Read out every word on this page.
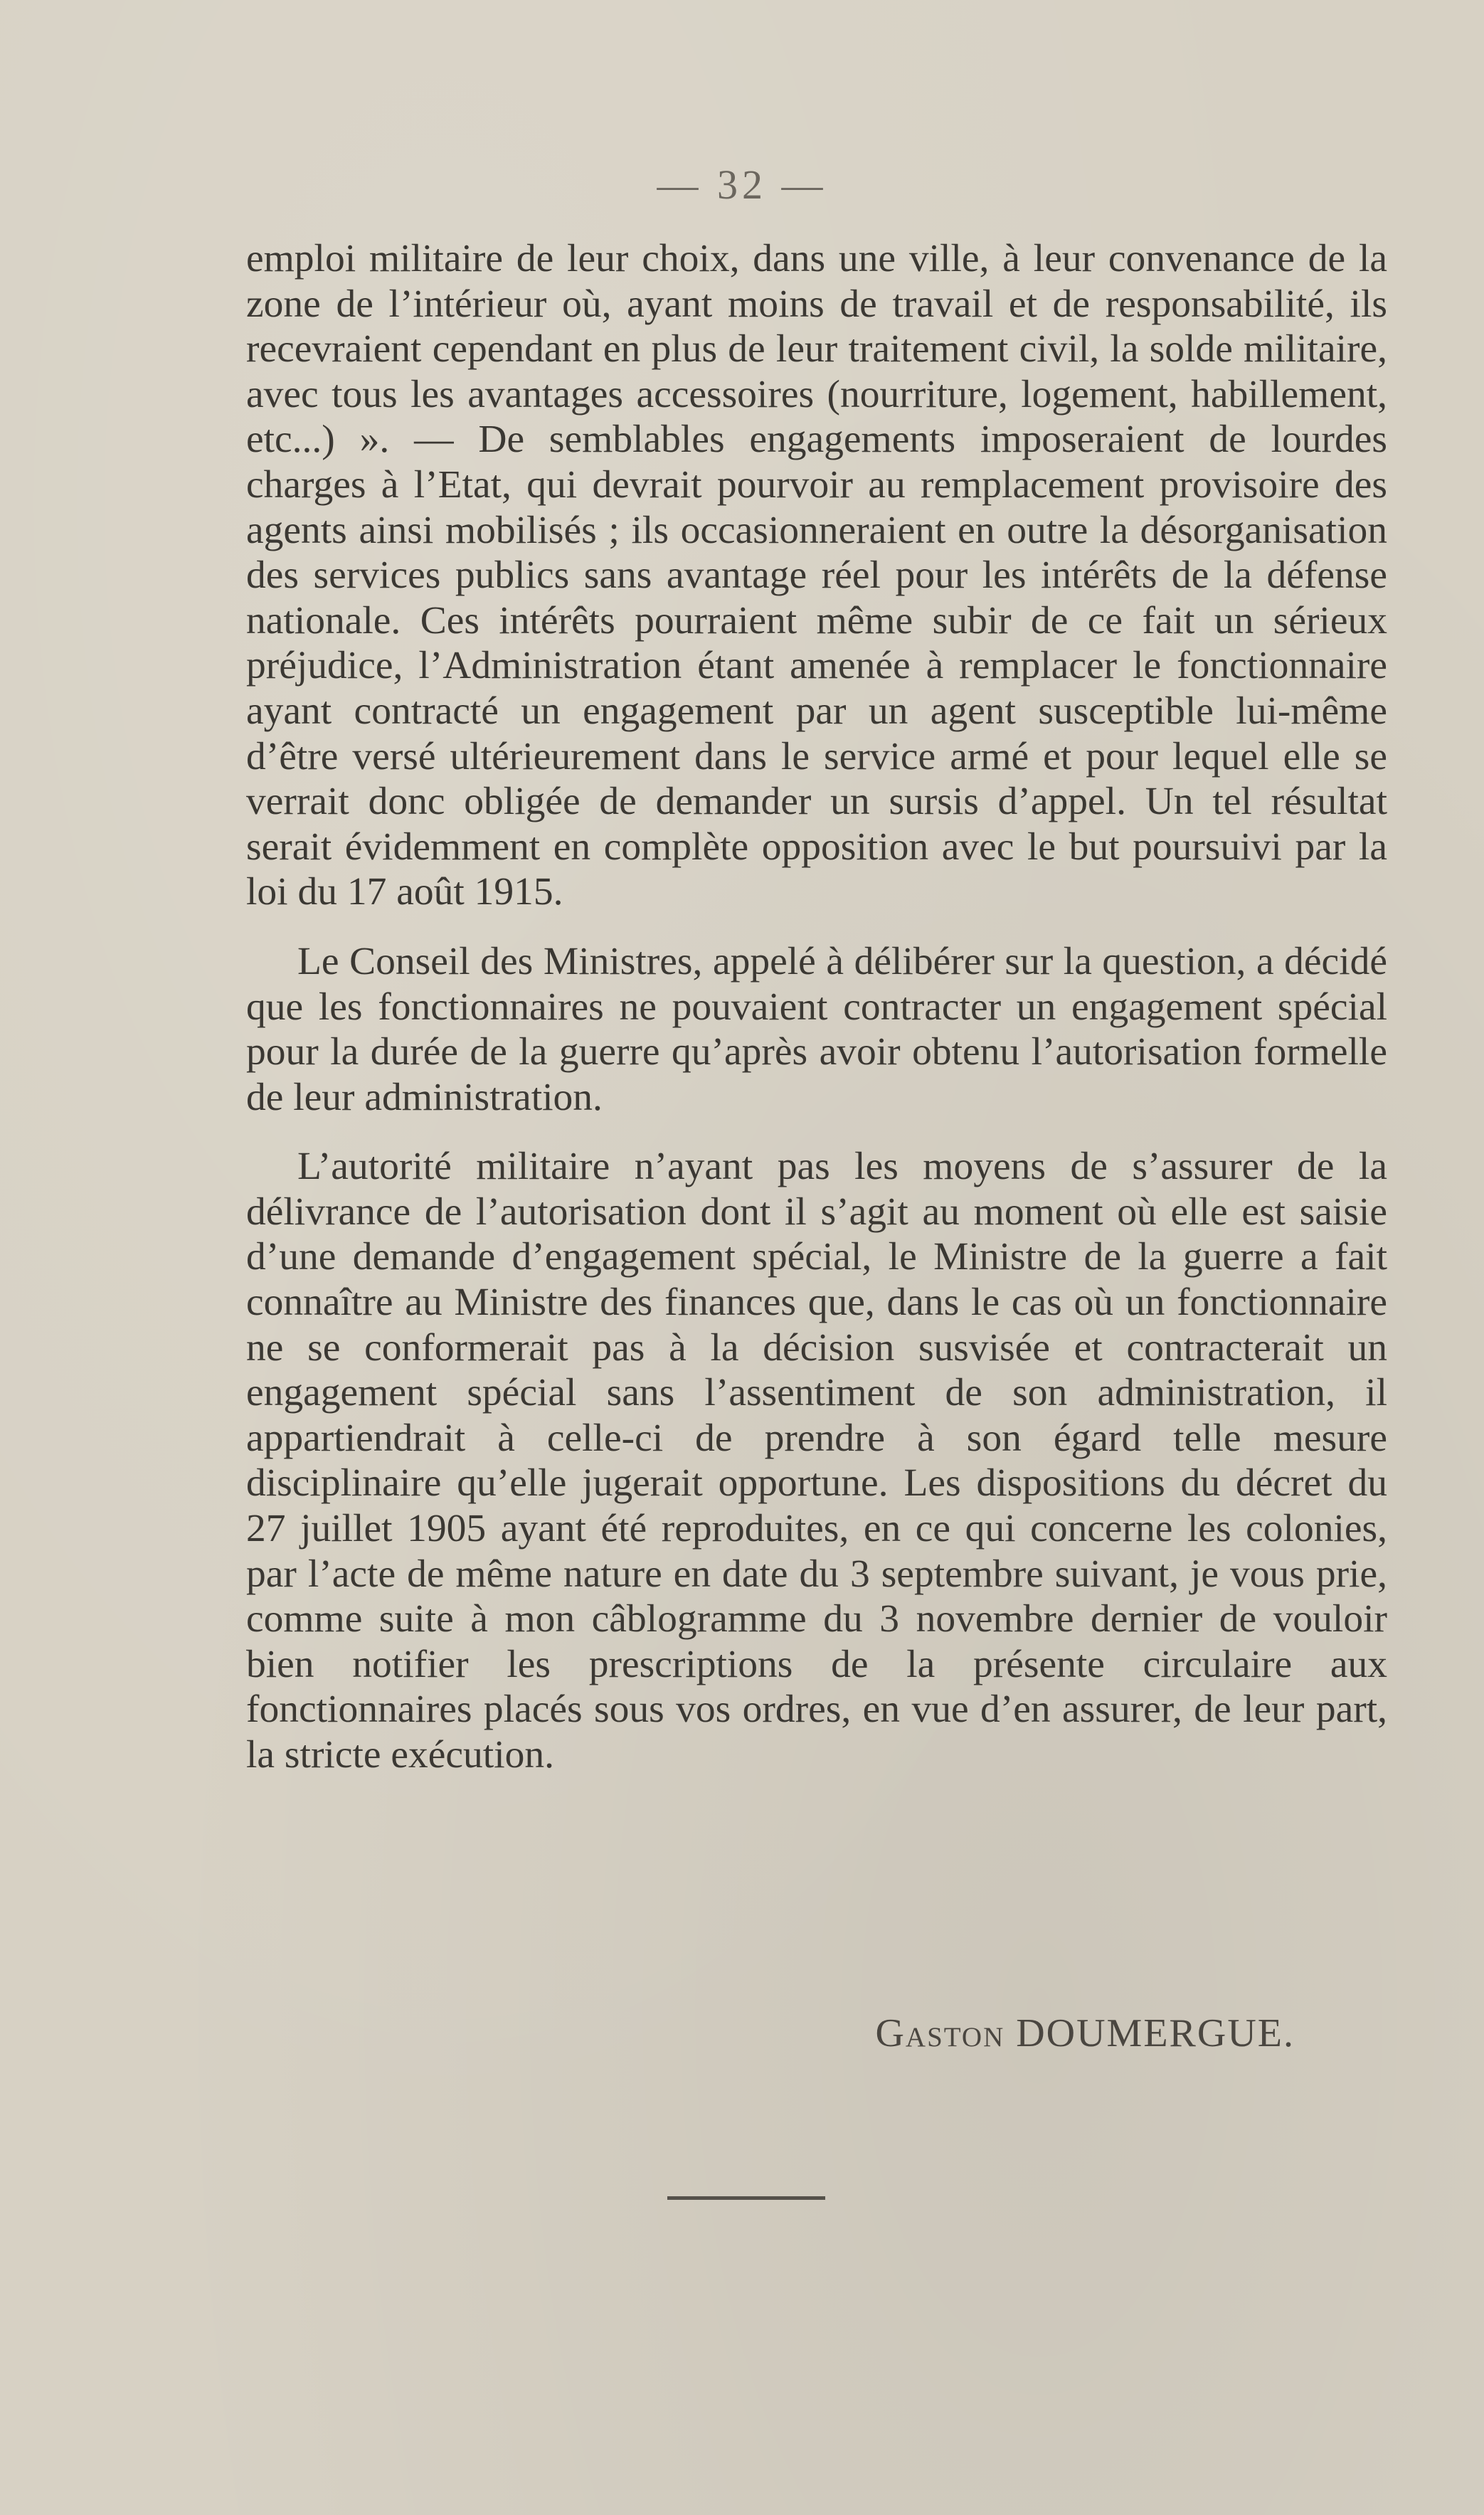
— 32 —

emploi militaire de leur choix, dans une ville, à leur convenance de la zone de l’intérieur où, ayant moins de travail et de responsabilité, ils recevraient cependant en plus de leur traitement civil, la solde militaire, avec tous les avantages accessoires (nourriture, logement, habillement, etc...) ». — De semblables engagements imposeraient de lourdes charges à l’Etat, qui devrait pourvoir au remplacement provisoire des agents ainsi mobilisés ; ils occasionneraient en outre la désorganisation des services publics sans avantage réel pour les intérêts de la défense nationale. Ces intérêts pourraient même subir de ce fait un sérieux préjudice, l’Administration étant amenée à remplacer le fonctionnaire ayant contracté un engagement par un agent susceptible lui-même d’être versé ultérieurement dans le service armé et pour lequel elle se verrait donc obligée de demander un sursis d’appel. Un tel résultat serait évidemment en complète opposition avec le but poursuivi par la loi du 17 août 1915.

Le Conseil des Ministres, appelé à délibérer sur la question, a décidé que les fonctionnaires ne pouvaient contracter un engagement spécial pour la durée de la guerre qu’après avoir obtenu l’autorisation formelle de leur administration.

L’autorité militaire n’ayant pas les moyens de s’assurer de la délivrance de l’autorisation dont il s’agit au moment où elle est saisie d’une demande d’engagement spécial, le Ministre de la guerre a fait connaître au Ministre des finances que, dans le cas où un fonctionnaire ne se conformerait pas à la décision susvisée et contracterait un engagement spécial sans l’assentiment de son administration, il appartiendrait à celle-ci de prendre à son égard telle mesure disciplinaire qu’elle jugerait opportune. Les dispositions du décret du 27 juillet 1905 ayant été reproduites, en ce qui concerne les colonies, par l’acte de même nature en date du 3 septembre suivant, je vous prie, comme suite à mon câblogramme du 3 novembre dernier de vouloir bien notifier les prescriptions de la présente circulaire aux fonctionnaires placés sous vos ordres, en vue d’en assurer, de leur part, la stricte exécution.

Gaston DOUMERGUE.
